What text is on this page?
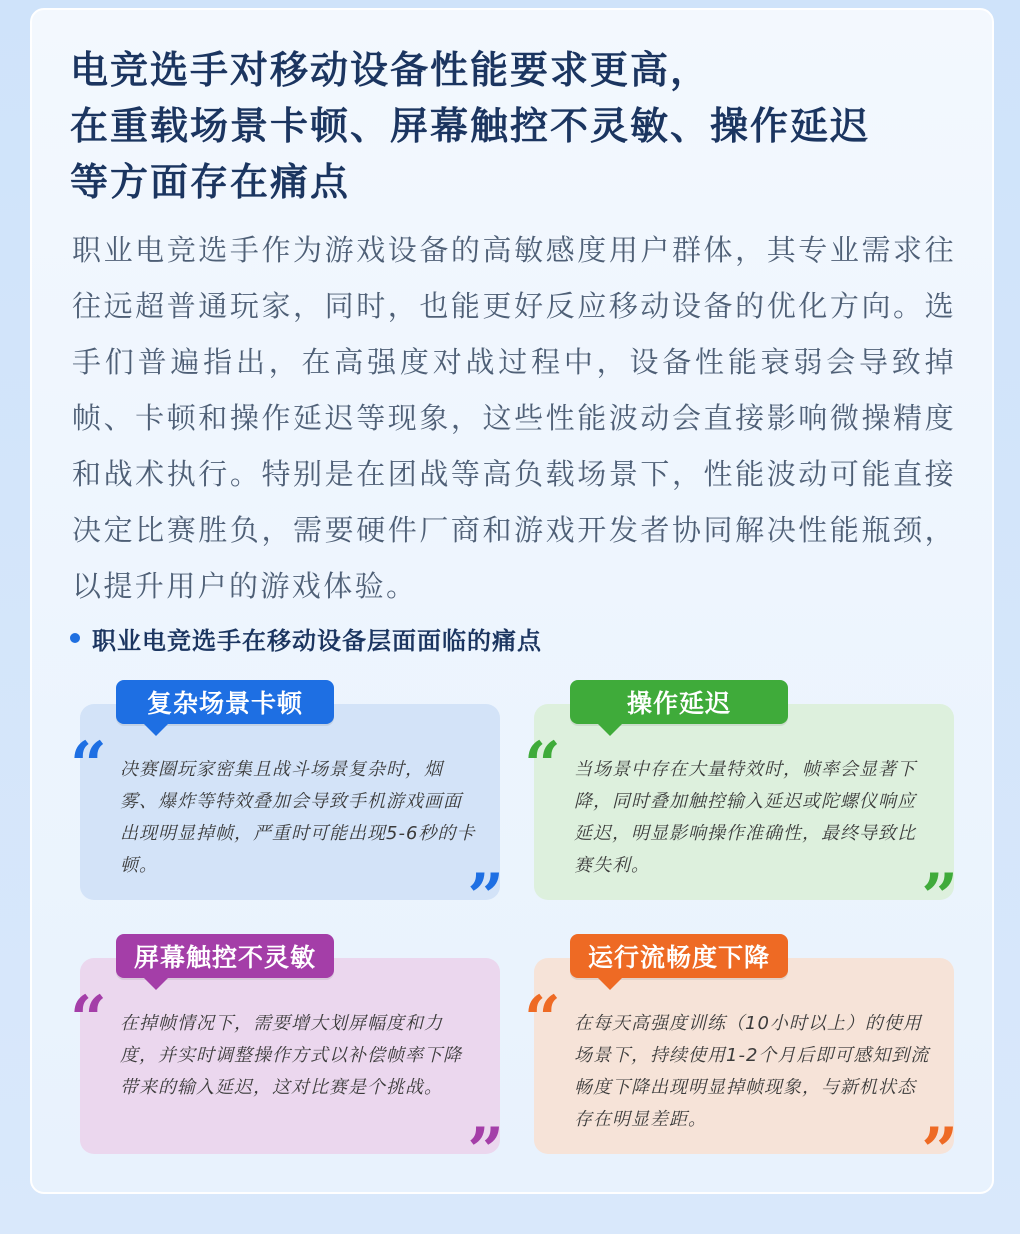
电竞选手对移动设备性能要求更高，
在重载场景卡顿、屏幕触控不灵敏、操作延迟
等方面存在痛点

职业电竞选手作为游戏设备的高敏感度用户群体，其专业需求往往远超普通玩家，同时，也能更好反应移动设备的优化方向。选手们普遍指出，在高强度对战过程中，设备性能衰弱会导致掉帧、卡顿和操作延迟等现象，这些性能波动会直接影响微操精度和战术执行。特别是在团战等高负载场景下，性能波动可能直接决定比赛胜负，需要硬件厂商和游戏开发者协同解决性能瓶颈，以提升用户的游戏体验。

职业电竞选手在移动设备层面面临的痛点
复杂场景卡顿
“ 决赛圈玩家密集且战斗场景复杂时，烟雾、爆炸等特效叠加会导致手机游戏画面出现明显掉帧，严重时可能出现5-6秒的卡顿。	”
操作延迟
“ 当场景中存在大量特效时，帧率会显著下降，同时叠加触控输入延迟或陀螺仪响应延迟，明显影响操作准确性，最终导致比赛失利。	”
屏幕触控不灵敏
“ 在掉帧情况下，需要增大划屏幅度和力度，并实时调整操作方式以补偿帧率下降带来的输入延迟，这对比赛是个挑战。

”
运行流畅度下降
“ 在每天高强度训练（10小时以上）的使用场景下，持续使用1-2个月后即可感知到流畅度下降出现明显掉帧现象，与新机状态存在明显差距。	”
